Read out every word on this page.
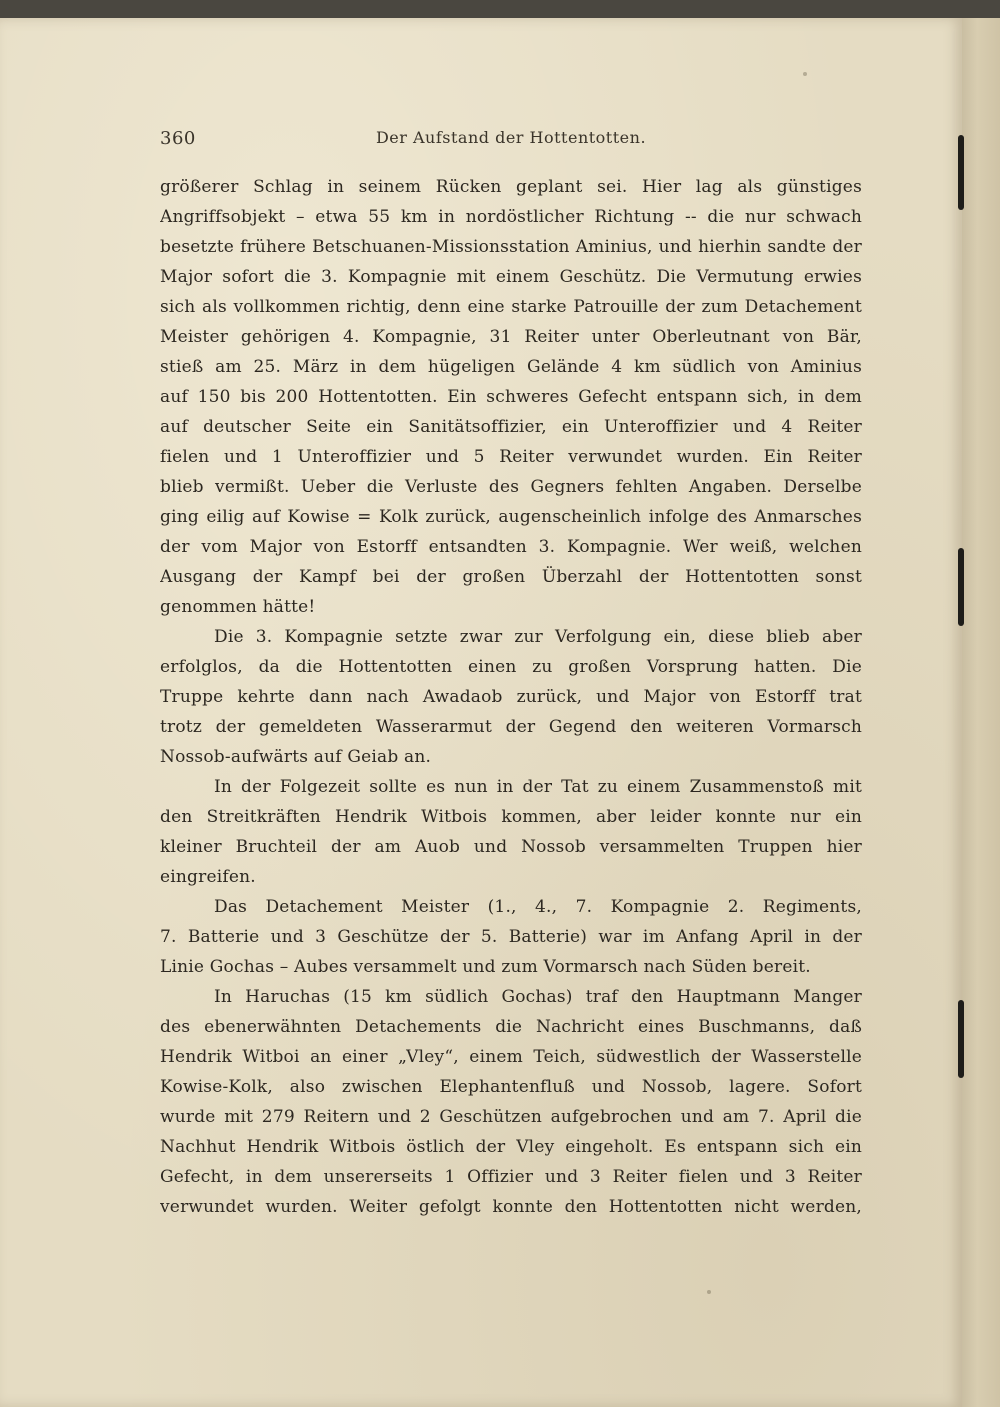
360	Der Aufstand der Hottentotten.
größerer Schlag in seinem Rücken geplant sei. Hier lag als günstiges
Angriffsobjekt – etwa 55 km in nordöstlicher Richtung -- die nur schwach
besetzte frühere Betschuanen-Missionsstation Aminius, und hierhin sandte der
Major sofort die 3. Kompagnie mit einem Geschütz. Die Vermutung erwies
sich als vollkommen richtig, denn eine starke Patrouille der zum Detachement
Meister gehörigen 4. Kompagnie, 31 Reiter unter Oberleutnant von Bär,
stieß am 25. März in dem hügeligen Gelände 4 km südlich von Aminius
auf 150 bis 200 Hottentotten. Ein schweres Gefecht entspann sich, in dem
auf deutscher Seite ein Sanitätsoffizier, ein Unteroffizier und 4 Reiter
fielen und 1 Unteroffizier und 5 Reiter verwundet wurden. Ein Reiter
blieb vermißt. Ueber die Verluste des Gegners fehlten Angaben. Derselbe
ging eilig auf Kowise = Kolk zurück, augenscheinlich infolge des Anmarsches
der vom Major von Estorff entsandten 3. Kompagnie. Wer weiß, welchen
Ausgang der Kampf bei der großen Überzahl der Hottentotten sonst
genommen hätte!
Die 3. Kompagnie setzte zwar zur Verfolgung ein, diese blieb aber
erfolglos, da die Hottentotten einen zu großen Vorsprung hatten. Die
Truppe kehrte dann nach Awadaob zurück, und Major von Estorff trat
trotz der gemeldeten Wasserarmut der Gegend den weiteren Vormarsch
Nossob-aufwärts auf Geiab an.
In der Folgezeit sollte es nun in der Tat zu einem Zusammenstoß mit
den Streitkräften Hendrik Witbois kommen, aber leider konnte nur ein
kleiner Bruchteil der am Auob und Nossob versammelten Truppen hier
eingreifen.
Das Detachement Meister (1., 4., 7. Kompagnie 2. Regiments,
7. Batterie und 3 Geschütze der 5. Batterie) war im Anfang April in der
Linie Gochas – Aubes versammelt und zum Vormarsch nach Süden bereit.
In Haruchas (15 km südlich Gochas) traf den Hauptmann Manger
des ebenerwähnten Detachements die Nachricht eines Buschmanns, daß
Hendrik Witboi an einer „Vley“, einem Teich, südwestlich der Wasserstelle
Kowise-Kolk, also zwischen Elephantenfluß und Nossob, lagere. Sofort
wurde mit 279 Reitern und 2 Geschützen aufgebrochen und am 7. April die
Nachhut Hendrik Witbois östlich der Vley eingeholt. Es entspann sich ein
Gefecht, in dem unsererseits 1 Offizier und 3 Reiter fielen und 3 Reiter
verwundet wurden. Weiter gefolgt konnte den Hottentotten nicht werden,
